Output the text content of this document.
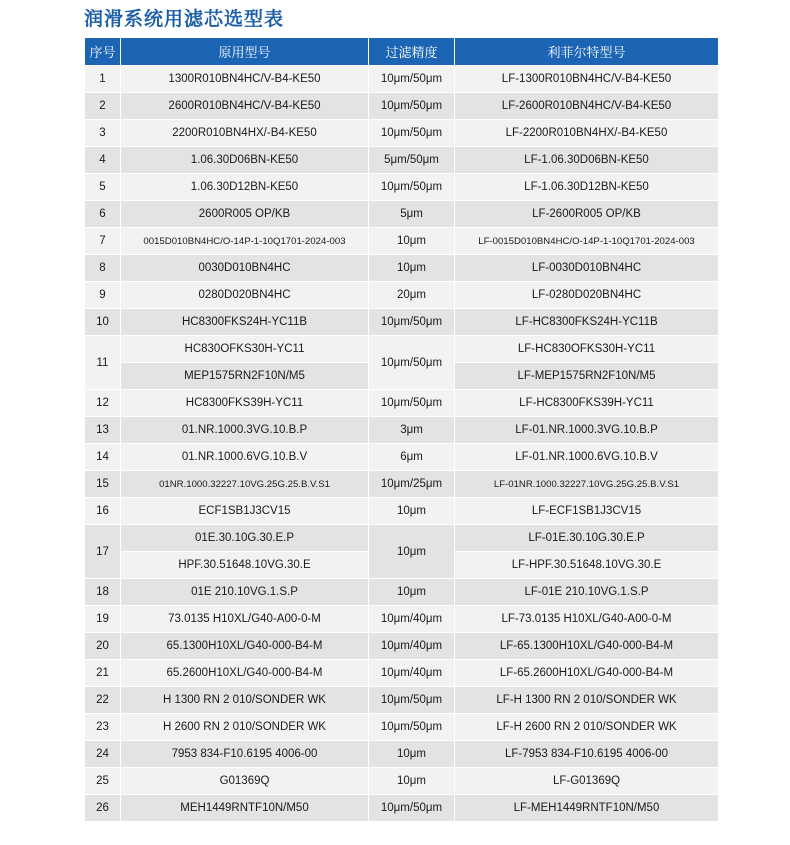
润滑系统用滤芯选型表
序号	原用型号	过滤精度	利菲尔特型号
1	1300R010BN4HC/V-B4-KE50	10μm/50μm	LF-1300R010BN4HC/V-B4-KE50
2	2600R010BN4HC/V-B4-KE50	10μm/50μm	LF-2600R010BN4HC/V-B4-KE50
3	2200R010BN4HX/-B4-KE50	10μm/50μm	LF-2200R010BN4HX/-B4-KE50
4	1.06.30D06BN-KE50	5μm/50μm	LF-1.06.30D06BN-KE50
5	1.06.30D12BN-KE50	10μm/50μm	LF-1.06.30D12BN-KE50
6	2600R005 OP/KB	5μm	LF-2600R005 OP/KB
7	0015D010BN4HC/O-14P-1-10Q1701-2024-003	10μm	LF-0015D010BN4HC/O-14P-1-10Q1701-2024-003
8	0030D010BN4HC	10μm	LF-0030D010BN4HC
9	0280D020BN4HC	20μm	LF-0280D020BN4HC
10	HC8300FKS24H-YC11B	10μm/50μm	LF-HC8300FKS24H-YC11B
11	HC830OFKS30H-YC11	10μm/50μm	LF-HC830OFKS30H-YC11
	MEP1575RN2F10N/M5		LF-MEP1575RN2F10N/M5
12	HC8300FKS39H-YC11	10μm/50μm	LF-HC8300FKS39H-YC11
13	01.NR.1000.3VG.10.B.P	3μm	LF-01.NR.1000.3VG.10.B.P
14	01.NR.1000.6VG.10.B.V	6μm	LF-01.NR.1000.6VG.10.B.V
15	01NR.1000.32227.10VG.25G.25.B.V.S1	10μm/25μm	LF-01NR.1000.32227.10VG.25G.25.B.V.S1
16	ECF1SB1J3CV15	10μm	LF-ECF1SB1J3CV15
17	01E.30.10G.30.E.P	10μm	LF-01E.30.10G.30.E.P
	HPF.30.51648.10VG.30.E		LF-HPF.30.51648.10VG.30.E
18	01E 210.10VG.1.S.P	10μm	LF-01E 210.10VG.1.S.P
19	73.0135 H10XL/G40-A00-0-M	10μm/40μm	LF-73.0135 H10XL/G40-A00-0-M
20	65.1300H10XL/G40-000-B4-M	10μm/40μm	LF-65.1300H10XL/G40-000-B4-M
21	65.2600H10XL/G40-000-B4-M	10μm/40μm	LF-65.2600H10XL/G40-000-B4-M
22	H 1300 RN 2 010/SONDER WK	10μm/50μm	LF-H 1300 RN 2 010/SONDER WK
23	H 2600 RN 2 010/SONDER WK	10μm/50μm	LF-H 2600 RN 2 010/SONDER WK
24	7953 834-F10.6195 4006-00	10μm	LF-7953 834-F10.6195 4006-00
25	G01369Q	10μm	LF-G01369Q
26	MEH1449RNTF10N/M50	10μm/50μm	LF-MEH1449RNTF10N/M50
